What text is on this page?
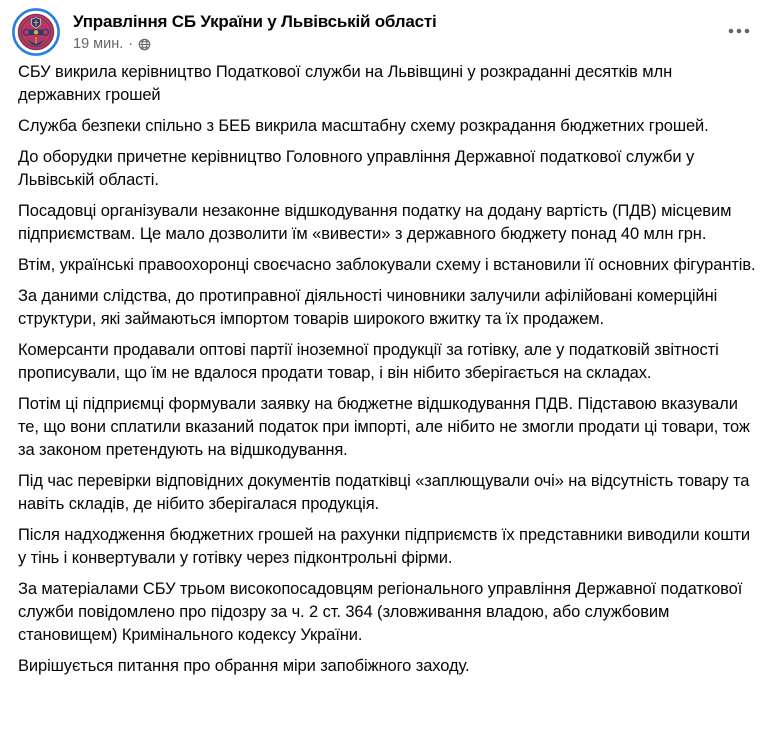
Управління СБ України у Львівській області
19 мин. ·

СБУ викрила керівництво Податкової служби на Львівщині у розкраданні десятків млн державних грошей

Служба безпеки спільно з БЕБ викрила масштабну схему розкрадання бюджетних грошей.

До оборудки причетне керівництво Головного управління Державної податкової служби у Львівській області.

Посадовці організували незаконне відшкодування податку на додану вартість (ПДВ) місцевим підприємствам. Це мало дозволити їм «вивести» з державного бюджету понад 40 млн грн.

Втім, українські правоохоронці своєчасно заблокували схему і встановили її основних фігурантів.

За даними слідства, до протиправної діяльності чиновники залучили афілійовані комерційні структури, які займаються імпортом товарів широкого вжитку та їх продажем.

Комерсанти продавали оптові партії іноземної продукції за готівку, але у податковій звітності прописували, що їм не вдалося продати товар, і він нібито зберігається на складах.

Потім ці підприємці формували заявку на бюджетне відшкодування ПДВ. Підставою вказували те, що вони сплатили вказаний податок при імпорті, але нібито не змогли продати ці товари, тож за законом претендують на відшкодування.

Під час перевірки відповідних документів податківці «заплющували очі» на відсутність товару та навіть складів, де нібито зберігалася продукція.

Після надходження бюджетних грошей на рахунки підприємств їх представники виводили кошти у тінь і конвертували у готівку через підконтрольні фірми.

За матеріалами СБУ трьом високопосадовцям регіонального управління Державної податкової служби повідомлено про підозру за ч. 2 ст. 364 (зловживання владою, або службовим становищем) Кримінального кодексу України.

Вирішується питання про обрання міри запобіжного заходу.
